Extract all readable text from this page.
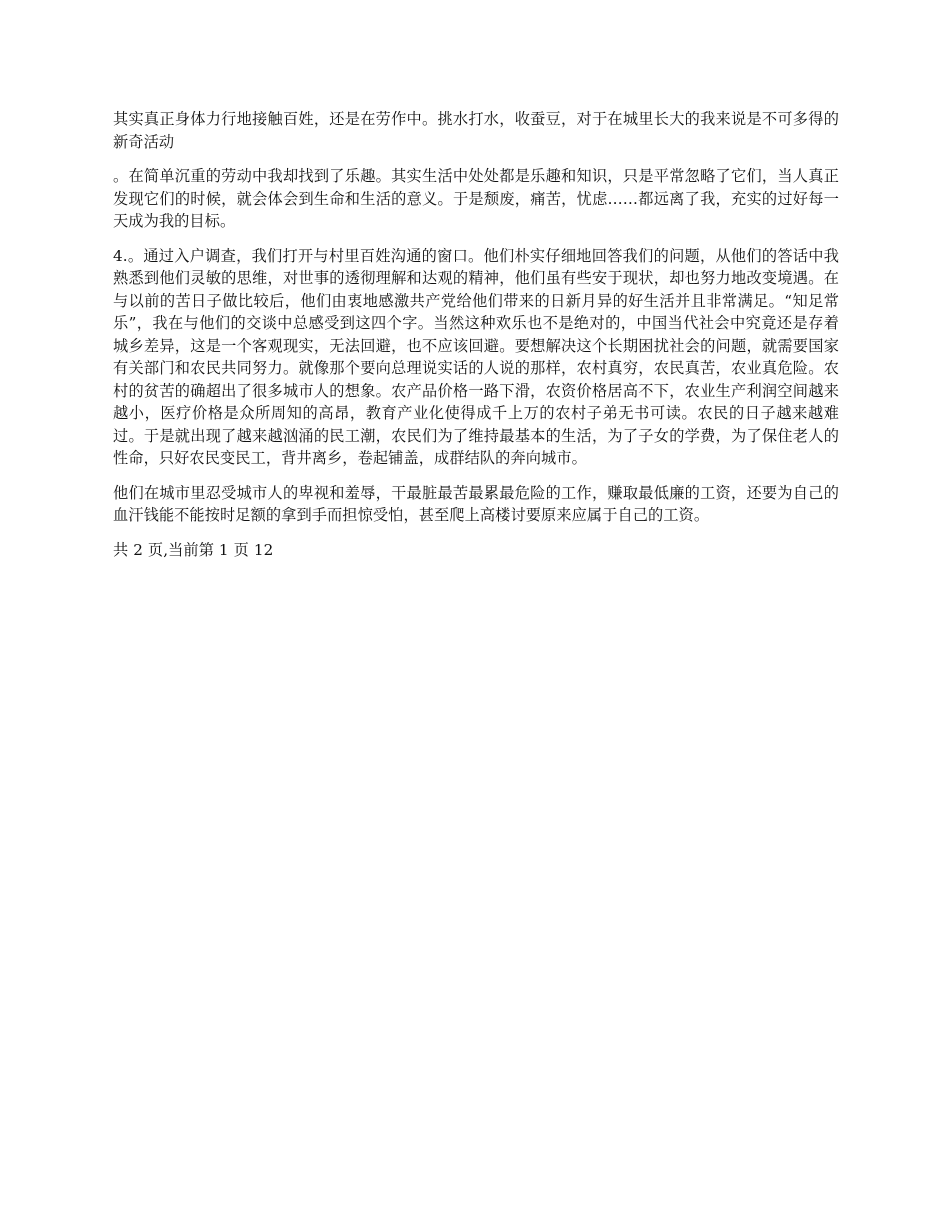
其实真正身体力行地接触百姓，还是在劳作中。挑水打水，收蚕豆，对于在城里长大的我来说是不可多得的新奇活动

。在简单沉重的劳动中我却找到了乐趣。其实生活中处处都是乐趣和知识，只是平常忽略了它们，当人真正发现它们的时候，就会体会到生命和生活的意义。于是颓废，痛苦，忧虑……都远离了我，充实的过好每一天成为我的目标。

4.。通过入户调查，我们打开与村里百姓沟通的窗口。他们朴实仔细地回答我们的问题，从他们的答话中我熟悉到他们灵敏的思维，对世事的透彻理解和达观的精神，他们虽有些安于现状，却也努力地改变境遇。在与以前的苦日子做比较后，他们由衷地感激共产党给他们带来的日新月异的好生活并且非常满足。“知足常乐”，我在与他们的交谈中总感受到这四个字。当然这种欢乐也不是绝对的，中国当代社会中究竟还是存着城乡差异，这是一个客观现实，无法回避，也不应该回避。要想解决这个长期困扰社会的问题，就需要国家有关部门和农民共同努力。就像那个要向总理说实话的人说的那样，农村真穷，农民真苦，农业真危险。农村的贫苦的确超出了很多城市人的想象。农产品价格一路下滑，农资价格居高不下，农业生产利润空间越来越小，医疗价格是众所周知的高昂，教育产业化使得成千上万的农村子弟无书可读。农民的日子越来越难过。于是就出现了越来越汹涌的民工潮，农民们为了维持最基本的生活，为了子女的学费，为了保住老人的性命，只好农民变民工，背井离乡，卷起铺盖，成群结队的奔向城市。

他们在城市里忍受城市人的卑视和羞辱，干最脏最苦最累最危险的工作，赚取最低廉的工资，还要为自己的血汗钱能不能按时足额的拿到手而担惊受怕，甚至爬上高楼讨要原来应属于自己的工资。

共 2 页,当前第 1 页 12
